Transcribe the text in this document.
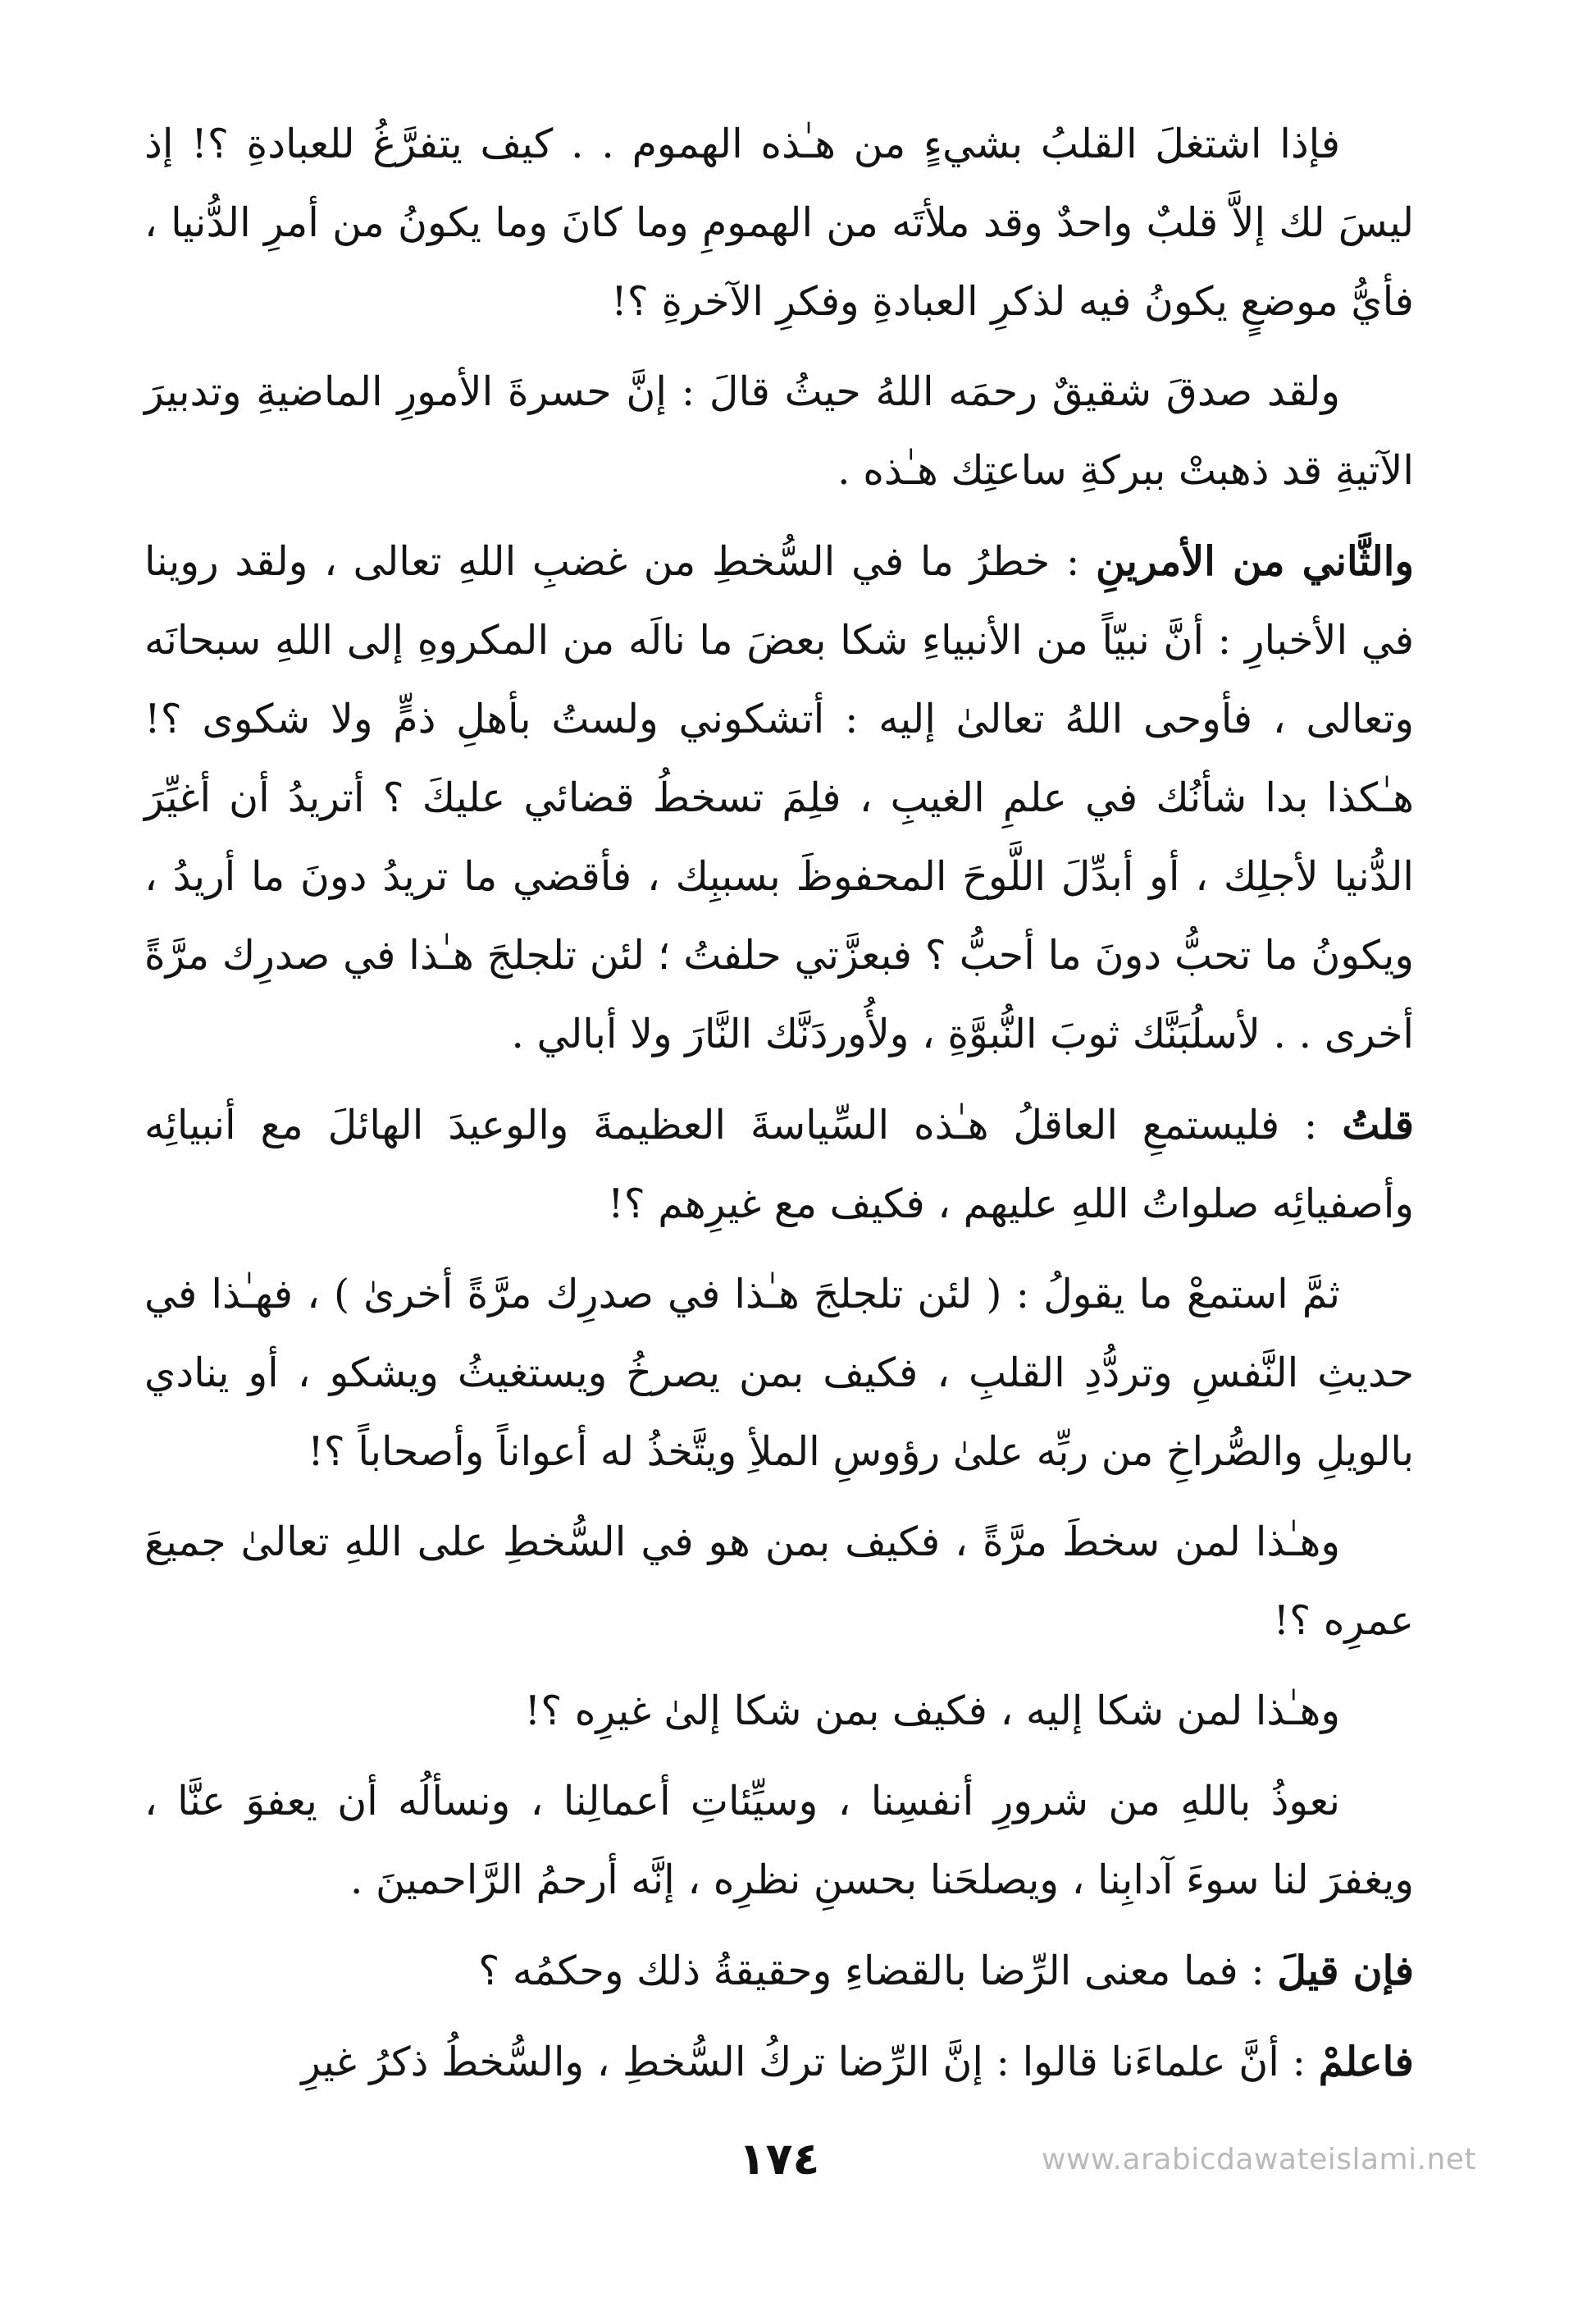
فإذا اشتغلَ القلبُ بشيءٍ من هـٰذه الهموم . . كيف يتفرَّغُ للعبادةِ ؟! إذ ليسَ لك إلاَّ قلبٌ واحدٌ وقد ملأتَه من الهمومِ وما كانَ وما يكونُ من أمرِ الدُّنيا ، فأيُّ موضعٍ يكونُ فيه لذكرِ العبادةِ وفكرِ الآخرةِ ؟!

ولقد صدقَ شقيقٌ رحمَه اللهُ حيثُ قالَ : إنَّ حسرةَ الأمورِ الماضيةِ وتدبيرَ الآتيةِ قد ذهبتْ ببركةِ ساعتِك هـٰذه .

والثَّاني من الأمرينِ : خطرُ ما في السُّخطِ من غضبِ اللهِ تعالى ، ولقد روينا في الأخبارِ : أنَّ نبيّاً من الأنبياءِ شكا بعضَ ما نالَه من المكروهِ إلى اللهِ سبحانَه وتعالى ، فأوحى اللهُ تعالىٰ إليه : أتشكوني ولستُ بأهلِ ذمٍّ ولا شكوى ؟! هـٰكذا بدا شأنُك في علمِ الغيبِ ، فلِمَ تسخطُ قضائي عليكَ ؟ أتريدُ أن أغيِّرَ الدُّنيا لأجلِك ، أو أبدِّلَ اللَّوحَ المحفوظَ بسببِك ، فأقضي ما تريدُ دونَ ما أريدُ ، ويكونُ ما تحبُّ دونَ ما أحبُّ ؟ فبعزَّتي حلفتُ ؛ لئن تلجلجَ هـٰذا في صدرِك مرَّةً أخرى . . لأسلُبَنَّك ثوبَ النُّبوَّةِ ، ولأُوردَنَّك النَّارَ ولا أبالي .

قلتُ : فليستمعِ العاقلُ هـٰذه السِّياسةَ العظيمةَ والوعيدَ الهائلَ مع أنبيائِه وأصفيائِه صلواتُ اللهِ عليهم ، فكيف مع غيرِهم ؟!

ثمَّ استمعْ ما يقولُ : ( لئن تلجلجَ هـٰذا في صدرِك مرَّةً أخرىٰ ) ، فهـٰذا في حديثِ النَّفسِ وتردُّدِ القلبِ ، فكيف بمن يصرخُ ويستغيثُ ويشكو ، أو ينادي بالويلِ والصُّراخِ من ربِّه علىٰ رؤوسِ الملأِ ويتَّخذُ له أعواناً وأصحاباً ؟!

وهـٰذا لمن سخطَ مرَّةً ، فكيف بمن هو في السُّخطِ على اللهِ تعالىٰ جميعَ عمرِه ؟!

وهـٰذا لمن شكا إليه ، فكيف بمن شكا إلىٰ غيرِه ؟!

نعوذُ باللهِ من شرورِ أنفسِنا ، وسيِّئاتِ أعمالِنا ، ونسألُه أن يعفوَ عنَّا ، ويغفرَ لنا سوءَ آدابِنا ، ويصلحَنا بحسنِ نظرِه ، إنَّه أرحمُ الرَّاحمينَ .

فإن قيلَ : فما معنى الرِّضا بالقضاءِ وحقيقةُ ذلك وحكمُه ؟

فاعلمْ : أنَّ علماءَنا قالوا : إنَّ الرِّضا تركُ السُّخطِ ، والسُّخطُ ذكرُ غيرِ

١٧٤	www.arabicdawateislami.net
